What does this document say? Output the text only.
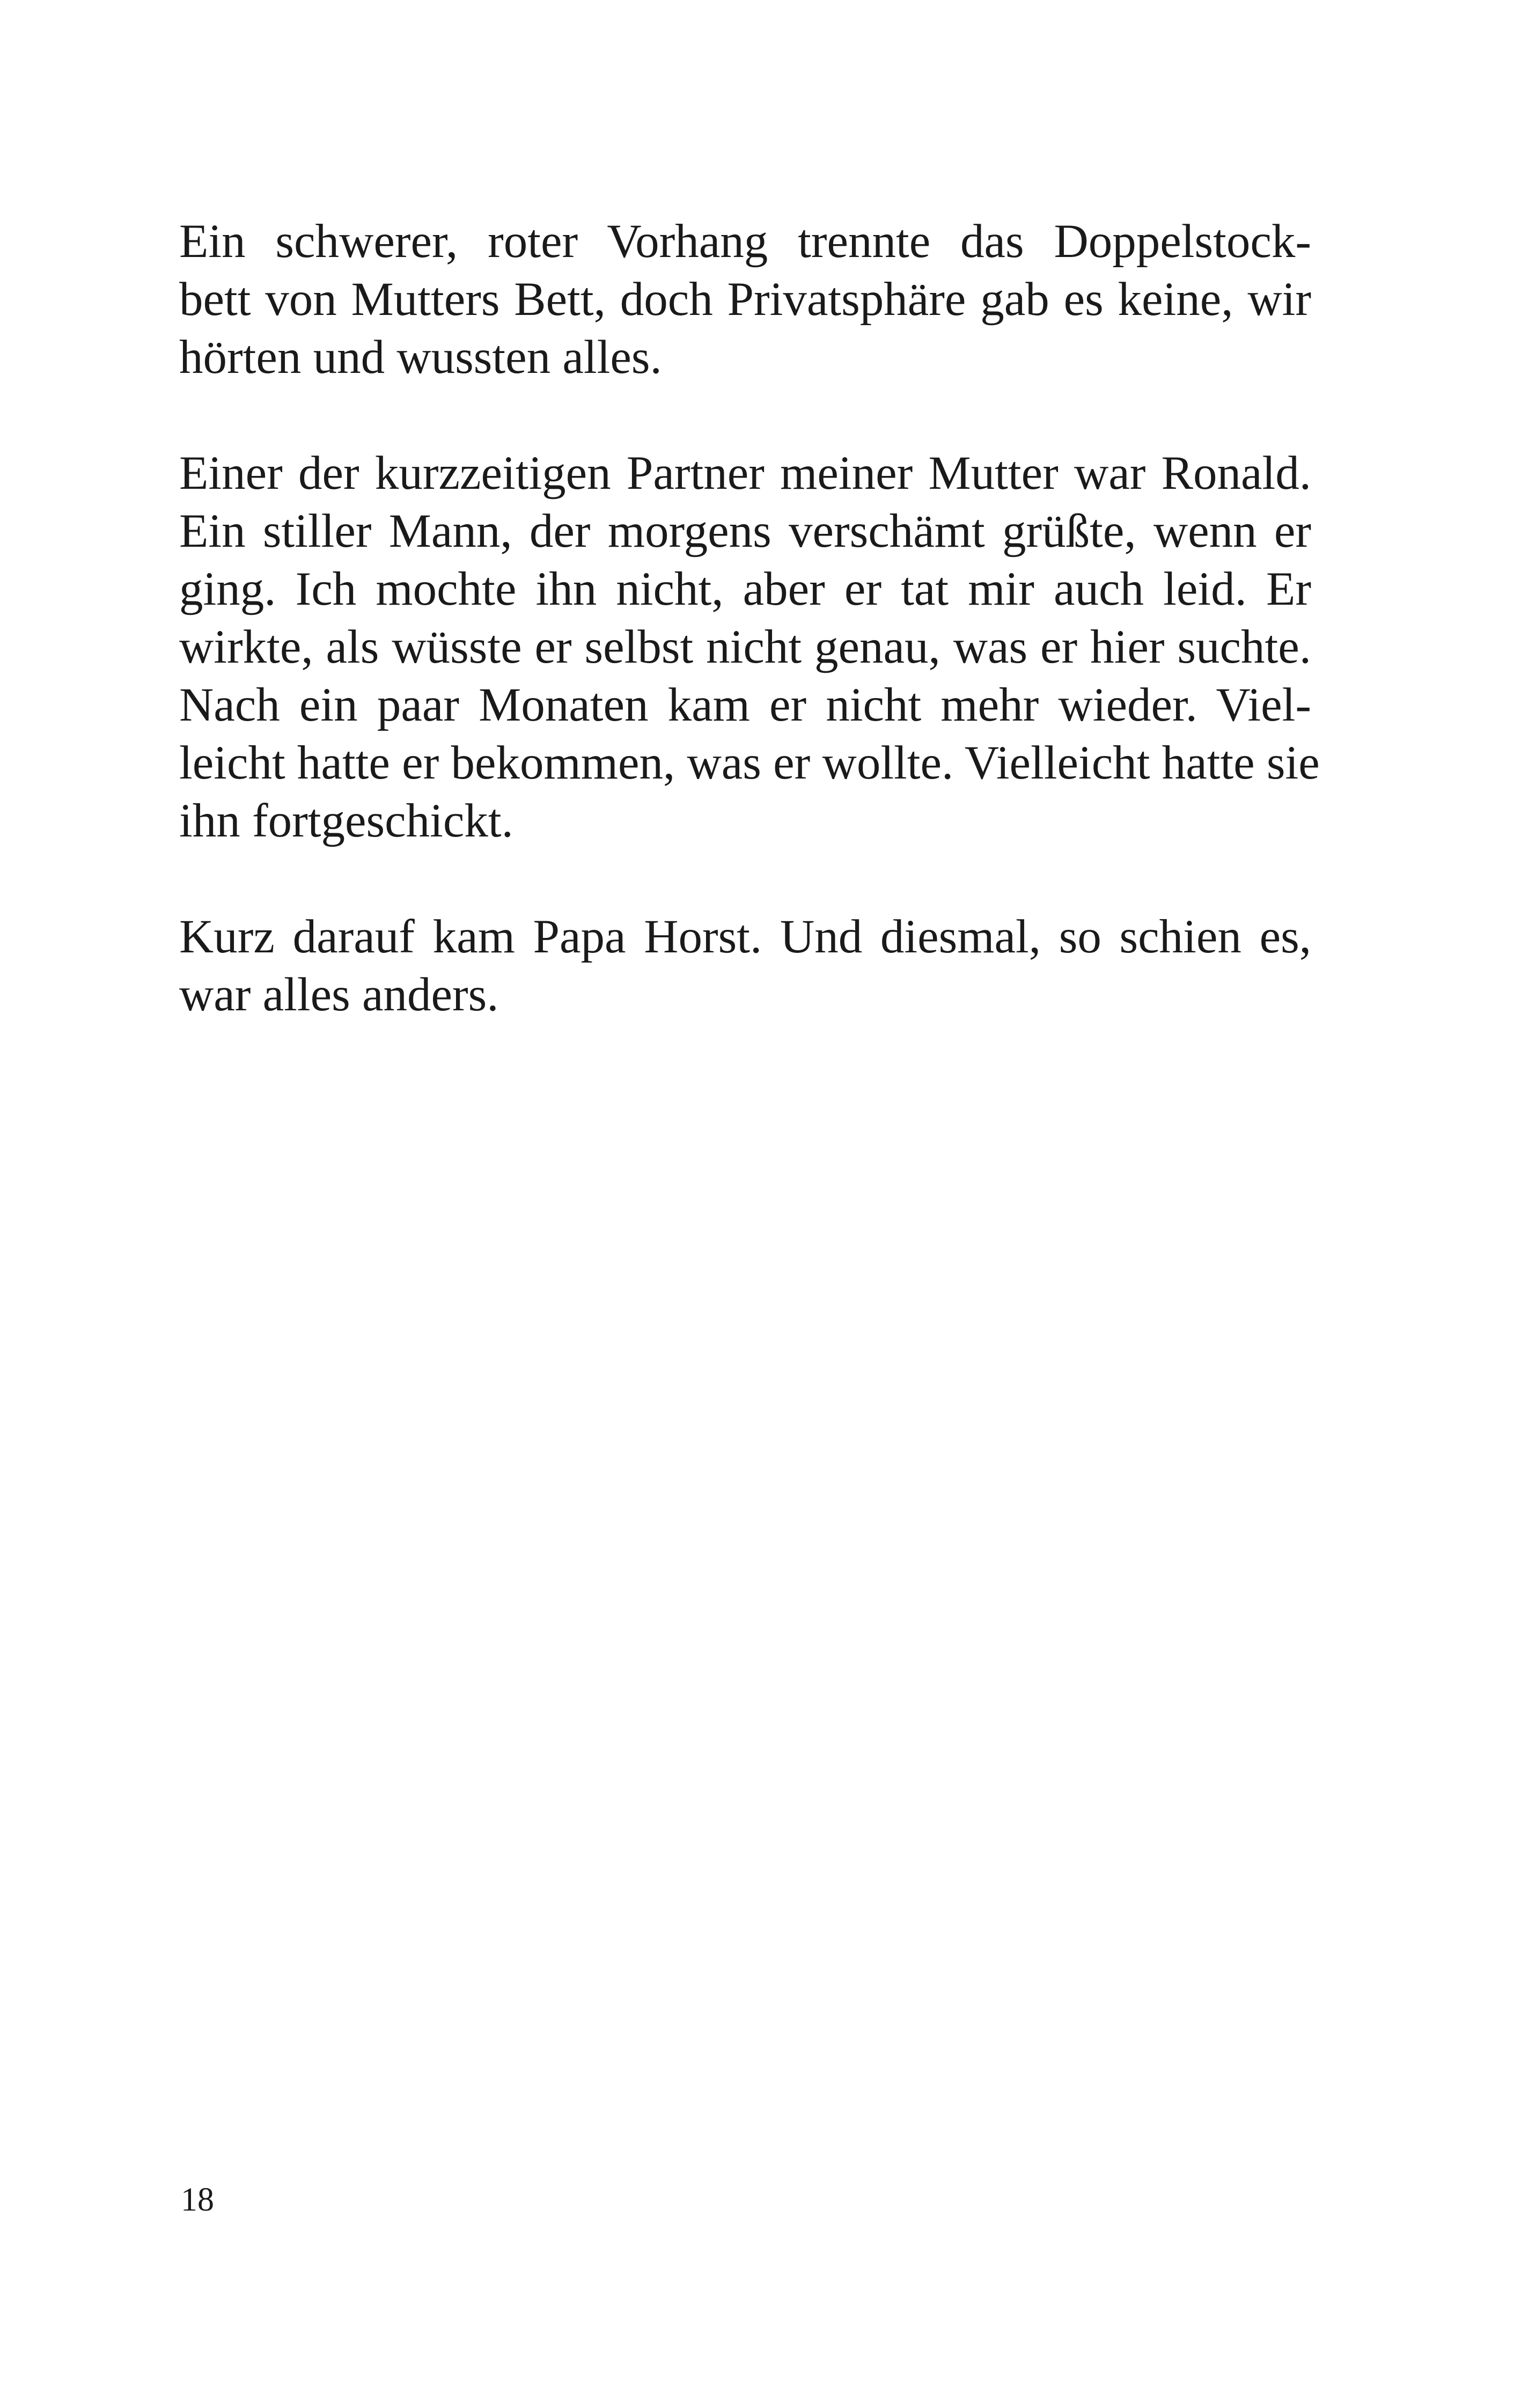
Ein schwerer, roter Vorhang trennte das Doppelstock-
bett von Mutters Bett, doch Privatsphäre gab es keine, wir
hörten und wussten alles.
Einer der kurzzeitigen Partner meiner Mutter war Ronald.
Ein stiller Mann, der morgens verschämt grüßte, wenn er
ging. Ich mochte ihn nicht, aber er tat mir auch leid. Er
wirkte, als wüsste er selbst nicht genau, was er hier suchte.
Nach ein paar Monaten kam er nicht mehr wieder. Viel-
leicht hatte er bekommen, was er wollte. Vielleicht hatte sie
ihn fortgeschickt.
Kurz darauf kam Papa Horst. Und diesmal, so schien es,
war alles anders.
18
